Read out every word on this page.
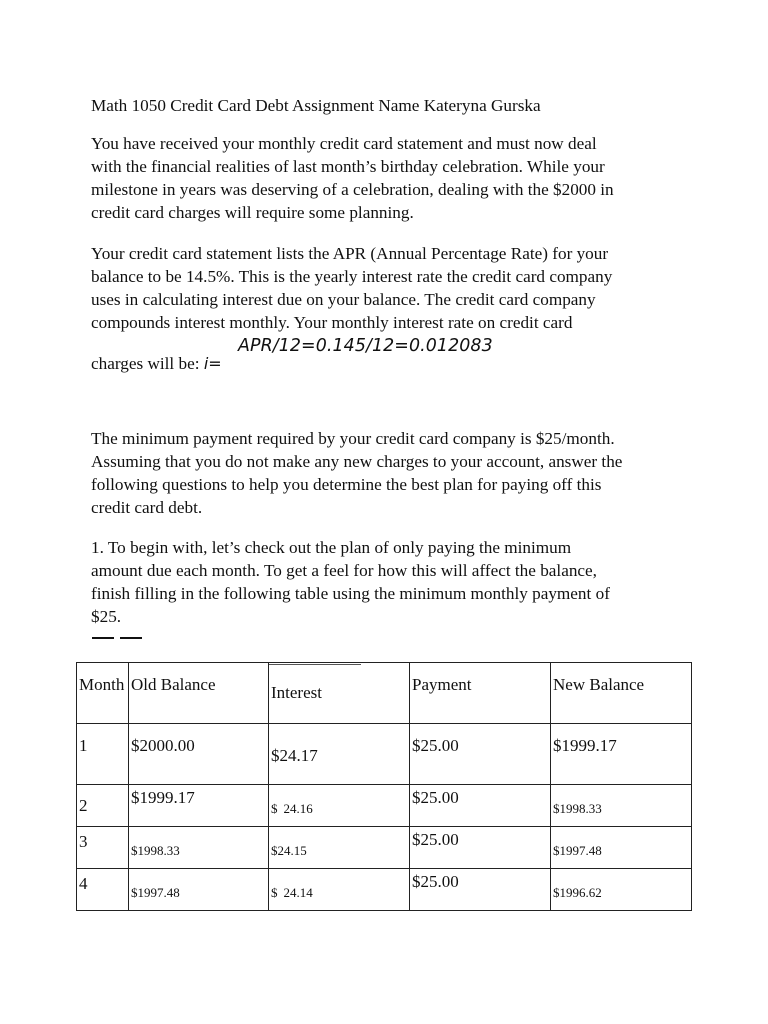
Math 1050 Credit Card Debt Assignment Name Kateryna Gurska

You have received your monthly credit card statement and must now deal
with the financial realities of last month’s birthday celebration. While your
milestone in years was deserving of a celebration, dealing with the $2000 in
credit card charges will require some planning.

Your credit card statement lists the APR (Annual Percentage Rate) for your
balance to be 14.5%. This is the yearly interest rate the credit card company
uses in calculating interest due on your balance. The credit card company
compounds interest monthly. Your monthly interest rate on credit card

APR/12=0.145/12=0.012083
charges will be: i=

The minimum payment required by your credit card company is $25/month.
Assuming that you do not make any new charges to your account, answer the
following questions to help you determine the best plan for paying off this
credit card debt.

1. To begin with, let’s check out the plan of only paying the minimum
amount due each month. To get a feel for how this will affect the balance,
finish filling in the following table using the minimum monthly payment of
$25.

Month	Old Balance	Interest	Payment	New Balance
1	$2000.00	$24.17	$25.00	$1999.17
2	$1999.17	$ 24.16	$25.00	$1998.33
3	$1998.33	$24.15	$25.00	$1997.48
4	$1997.48	$ 24.14	$25.00	$1996.62
